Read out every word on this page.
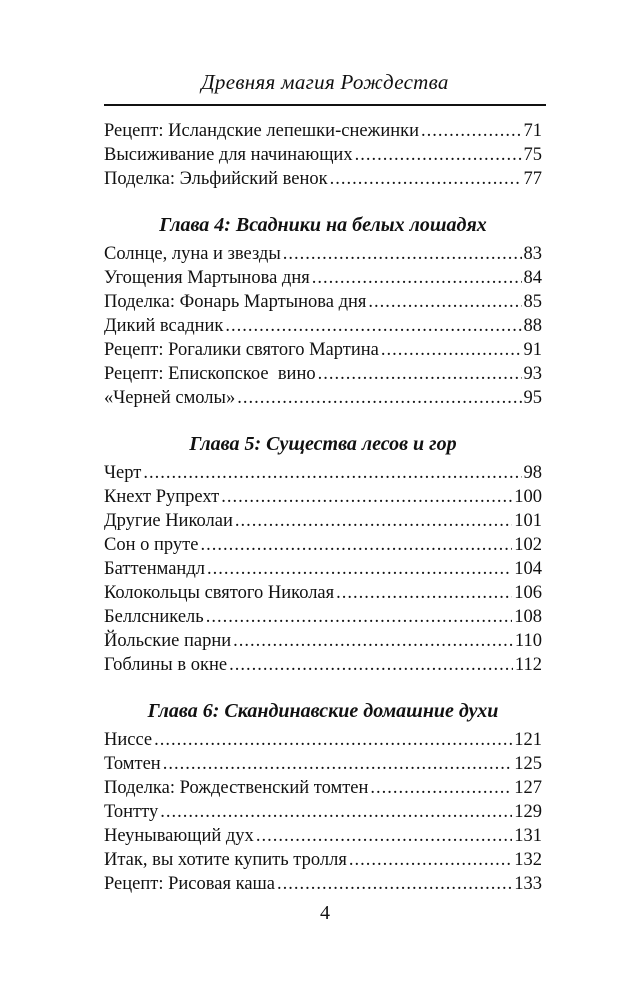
Древняя магия Рождества
Рецепт: Исландские лепешки-снежинки .....	71
Высиживание для начинающих .....	75
Поделка: Эльфийский венок .....	77
Глава 4: Всадники на белых лошадях
Солнце, луна и звезды .....	83
Угощения Мартынова дня .....	84
Поделка: Фонарь Мартынова дня .....	85
Дикий всадник .....	88
Рецепт: Рогалики святого Мартина .....	91
Рецепт: Епископское  вино .....	93
«Черней смолы» .....	95
Глава 5: Существа лесов и гор
Черт .....	98
Кнехт Рупрехт .....	100
Другие Николаи .....	101
Сон о пруте .....	102
Баттенмандл .....	104
Колокольцы святого Николая .....	106
Беллсникель .....	108
Йольские парни .....	110
Гоблины в окне .....	112
Глава 6: Скандинавские домашние духи
Ниссе .....	121
Томтен .....	125
Поделка: Рождественский томтен .....	127
Тонтту .....	129
Неунывающий дух .....	131
Итак, вы хотите купить тролля .....	132
Рецепт: Рисовая каша .....	133
4
